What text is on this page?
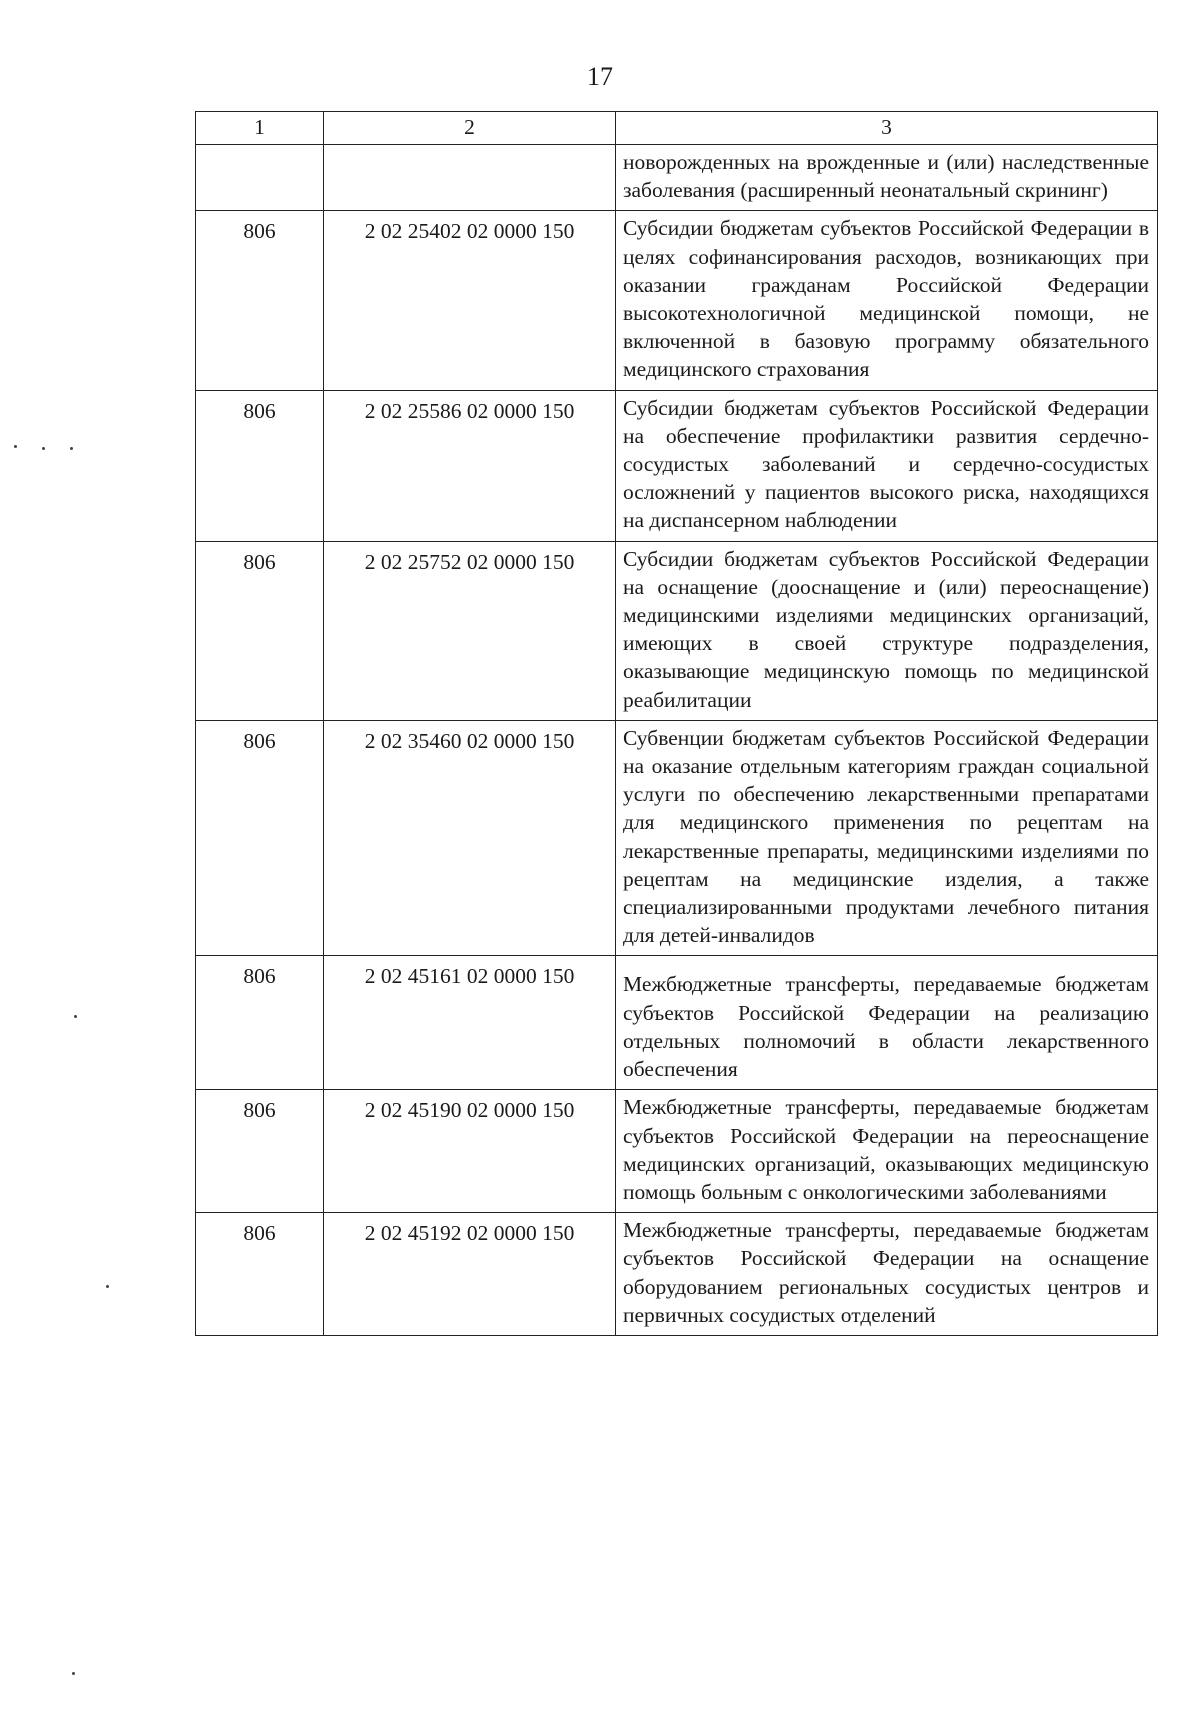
17
1	2	3
		новорожденных на врожденные и (или) наследственные заболевания (расширенный неонатальный скрининг)
806	2 02 25402 02 0000 150	Субсидии бюджетам субъектов Российской Федерации в целях софинансирования расходов, возникающих при оказании гражданам Российской Федерации высокотехнологичной медицинской помощи, не включенной в базовую программу обязательного медицинского страхования
806	2 02 25586 02 0000 150	Субсидии бюджетам субъектов Российской Федерации на обеспечение профилактики развития сердечно-сосудистых заболеваний и сердечно-сосудистых осложнений у пациентов высокого риска, находящихся на диспансерном наблюдении
806	2 02 25752 02 0000 150	Субсидии бюджетам субъектов Российской Федерации на оснащение (дооснащение и (или) переоснащение) медицинскими изделиями медицинских организаций, имеющих в своей структуре подразделения, оказывающие медицинскую помощь по медицинской реабилитации
806	2 02 35460 02 0000 150	Субвенции бюджетам субъектов Российской Федерации на оказание отдельным категориям граждан социальной услуги по обеспечению лекарственными препаратами для медицинского применения по рецептам на лекарственные препараты, медицинскими изделиями по рецептам на медицинские изделия, а также специализированными продуктами лечебного питания для детей-инвалидов
806	2 02 45161 02 0000 150	Межбюджетные трансферты, передаваемые бюджетам субъектов Российской Федерации на реализацию отдельных полномочий в области лекарственного обеспечения
806	2 02 45190 02 0000 150	Межбюджетные трансферты, передаваемые бюджетам субъектов Российской Федерации на переоснащение медицинских организаций, оказывающих медицинскую помощь больным с онкологическими заболеваниями
806	2 02 45192 02 0000 150	Межбюджетные трансферты, передаваемые бюджетам субъектов Российской Федерации на оснащение оборудованием региональных сосудистых центров и первичных сосудистых отделений
